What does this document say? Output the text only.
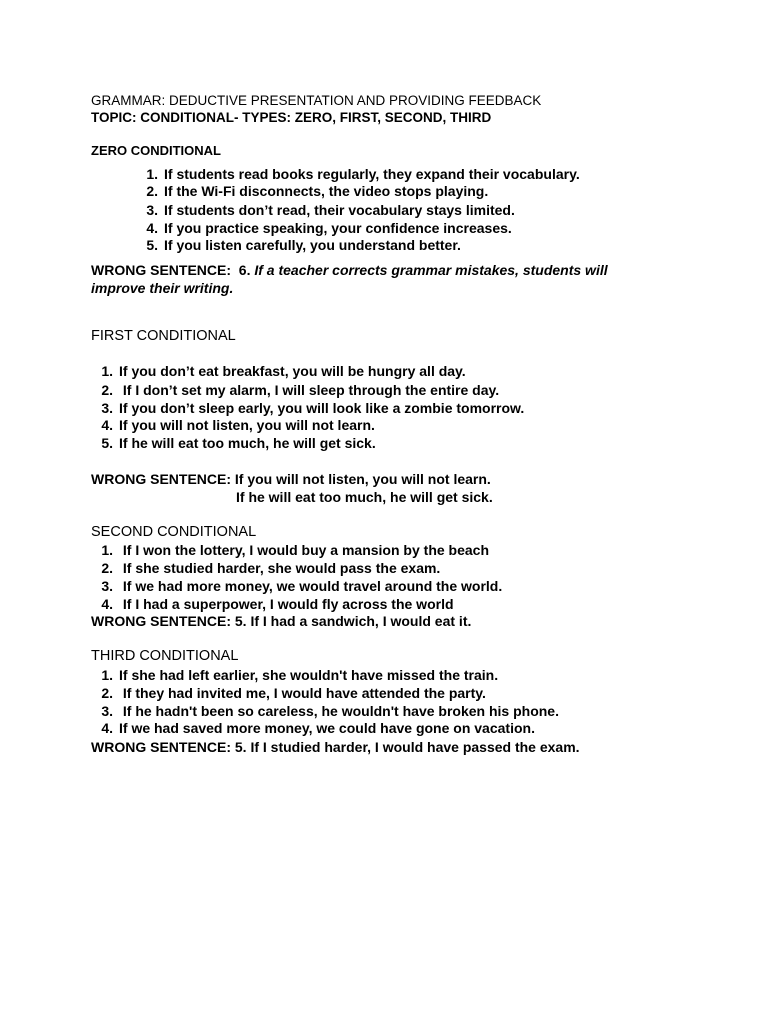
GRAMMAR: DEDUCTIVE PRESENTATION AND PROVIDING FEEDBACK
TOPIC: CONDITIONAL- TYPES: ZERO, FIRST, SECOND, THIRD
ZERO CONDITIONAL
1. If students read books regularly, they expand their vocabulary.
2. If the Wi-Fi disconnects, the video stops playing.
3. If students don’t read, their vocabulary stays limited.
4. If you practice speaking, your confidence increases.
5. If you listen carefully, you understand better.
WRONG SENTENCE: 6. If a teacher corrects grammar mistakes, students will
improve their writing.
FIRST CONDITIONAL
1. If you don’t eat breakfast, you will be hungry all day.
2. If I don’t set my alarm, I will sleep through the entire day.
3. If you don’t sleep early, you will look like a zombie tomorrow.
4. If you will not listen, you will not learn.
5. If he will eat too much, he will get sick.
WRONG SENTENCE: If you will not listen, you will not learn.
If he will eat too much, he will get sick.
SECOND CONDITIONAL
1. If I won the lottery, I would buy a mansion by the beach
2. If she studied harder, she would pass the exam.
3. If we had more money, we would travel around the world.
4. If I had a superpower, I would fly across the world
WRONG SENTENCE: 5. If I had a sandwich, I would eat it.
THIRD CONDITIONAL
1. If she had left earlier, she wouldn't have missed the train.
2. If they had invited me, I would have attended the party.
3. If he hadn't been so careless, he wouldn't have broken his phone.
4. If we had saved more money, we could have gone on vacation.
WRONG SENTENCE: 5. If I studied harder, I would have passed the exam.
